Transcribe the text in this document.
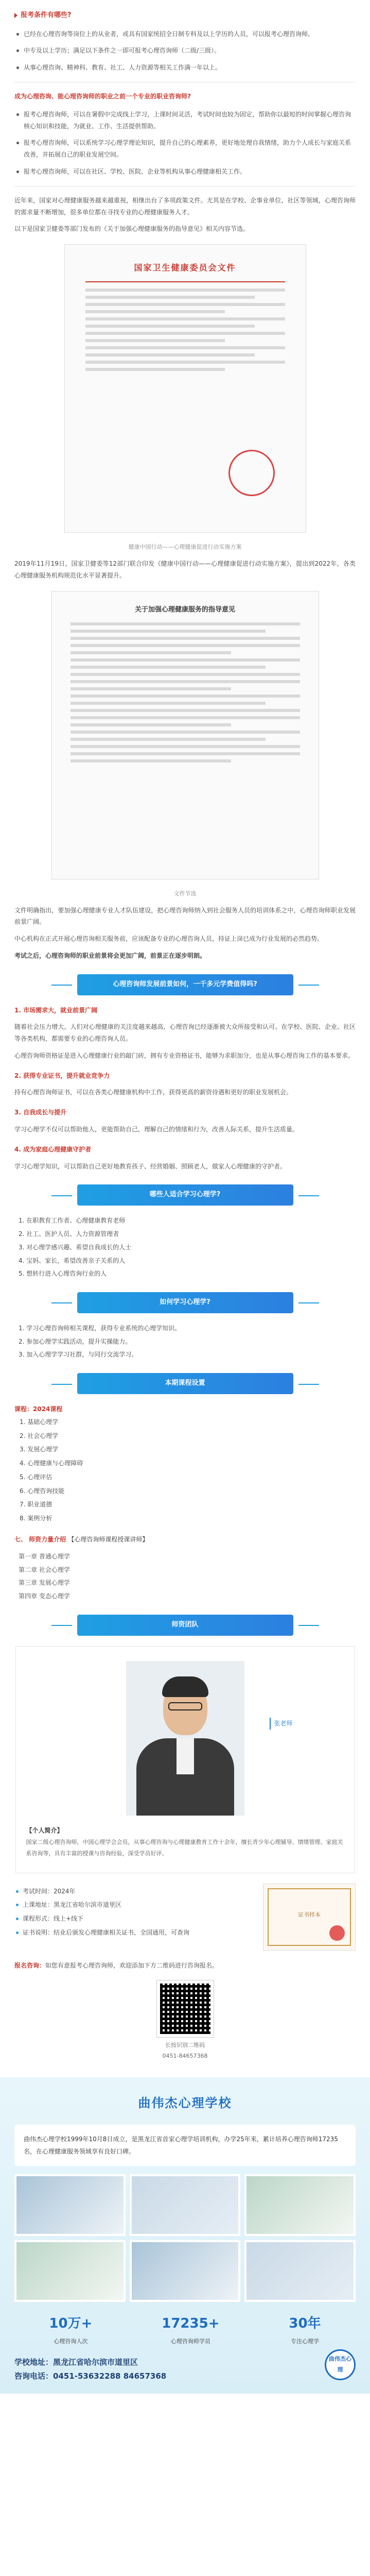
报考条件有哪些?
已经在心理咨询等岗位上的从业者，或具有国家统招全日制专科及以上学历的人员，可以报考心理咨询师。
中专及以上学历；满足以下条件之一即可报考心理咨询师（二级/三级）。
从事心理咨询、精神科、教育、社工、人力资源等相关工作满一年以上。
成为心理咨询、能心理咨询师的职业之前一个专业的职业咨询师?
报考心理咨询师，可以在暑假中完成线上学习，上课时间灵活，考试时间也较为固定，帮助你以最短的时间掌握心理咨询核心知识和技能，为就业、工作、生活提供帮助。
报考心理咨询师，可以系统学习心理学理论知识，提升自己的心理素养，更好地处理自我情绪，助力个人成长与家庭关系改善，并拓展自己的职业发展空间。
报考心理咨询师，可以在社区、学校、医院、企业等机构从事心理健康相关工作。

近年来，国家对心理健康服务越来越重视，相继出台了多项政策文件。尤其是在学校、企事业单位、社区等领域，心理咨询师的需求量不断增加，很多单位都在寻找专业的心理健康服务人才。

以下是国家卫健委等部门发布的《关于加强心理健康服务的指导意见》相关内容节选。

国家卫生健康委员会文件
健康中国行动——心理健康促进行动实施方案

2019年11月19日，国家卫健委等12部门联合印发《健康中国行动——心理健康促进行动实施方案》，提出到2022年，各类心理健康服务机构规范化水平显著提升。

关于加强心理健康服务的指导意见
文件节选

文件明确指出，要加强心理健康专业人才队伍建设，把心理咨询师纳入到社会服务人员的培训体系之中，心理咨询师职业发展前景广阔。

中心机构在正式开展心理咨询相关服务前，应该配备专业的心理咨询人员，持证上岗已成为行业发展的必然趋势。

考试之后，心理咨询师的职业前景将会更加广阔，前景正在逐步明朗。

心理咨询师发展前景如何，一千多元学费值得吗?
1. 市场需求大，就业前景广阔

随着社会压力增大，人们对心理健康的关注度越来越高，心理咨询已经逐渐被大众所接受和认可。在学校、医院、企业、社区等各类机构，都需要专业的心理咨询人员。

心理咨询师资格证是进入心理健康行业的敲门砖，拥有专业资格证书，能够为求职加分，也是从事心理咨询工作的基本要求。

2. 获得专业证书，提升就业竞争力

持有心理咨询师证书，可以在各类心理健康机构中工作，获得更高的薪资待遇和更好的职业发展机会。

3. 自我成长与提升

学习心理学不仅可以帮助他人，更能帮助自己，理解自己的情绪和行为，改善人际关系，提升生活质量。

4. 成为家庭心理健康守护者

学习心理学知识，可以帮助自己更好地教育孩子、经营婚姻、照顾老人，做家人心理健康的守护者。

哪些人适合学习心理学?
1. 在职教育工作者、心理健康教育老师
2. 社工、医护人员、人力资源管理者
3. 对心理学感兴趣、希望自我成长的人士
4. 宝妈、家长，希望改善亲子关系的人
5. 想转行进入心理咨询行业的人
如何学习心理学?
1. 学习心理咨询师相关课程，获得专业系统的心理学知识。
2. 参加心理学实践活动，提升实操能力。
3. 加入心理学学习社群，与同行交流学习。
本期课程设置
课程：2024课程
1. 基础心理学
2. 社会心理学
3. 发展心理学
4. 心理健康与心理障碍
5. 心理评估
6. 心理咨询技能
7. 职业道德
8. 案例分析
七、 师资力量介绍 【心理咨询师课程授课讲师】
第一章 普通心理学
第二章 社会心理学
第三章 发展心理学
第四章 变态心理学
师资团队
张老师
【个人简介】
国家二级心理咨询师，中国心理学会会员，从事心理咨询与心理健康教育工作十余年，擅长青少年心理辅导、情绪管理、家庭关系咨询等，具有丰富的授课与咨询经验，深受学员好评。
考试时间：2024年
上课地址：黑龙江省哈尔滨市道里区
课程形式：线上+线下
证书说明：结业后颁发心理健康相关证书，全国通用，可查询
证书样本
报名咨询：如您有意报考心理咨询师，欢迎添加下方二维码进行咨询报名。
长按识别二维码
0451-84657368
曲伟杰心理学校
曲伟杰心理学校1999年10月8日成立，是黑龙江省首家心理学培训机构，办学25年来，累计培养心理咨询师17235名，在心理健康服务领域享有良好口碑。
10万+
心理咨询人次
17235+
心理咨询师学员
30年
专注心理学
学校地址：黑龙江省哈尔滨市道里区
咨询电话：0451-53632288 84657368
曲伟杰心理
